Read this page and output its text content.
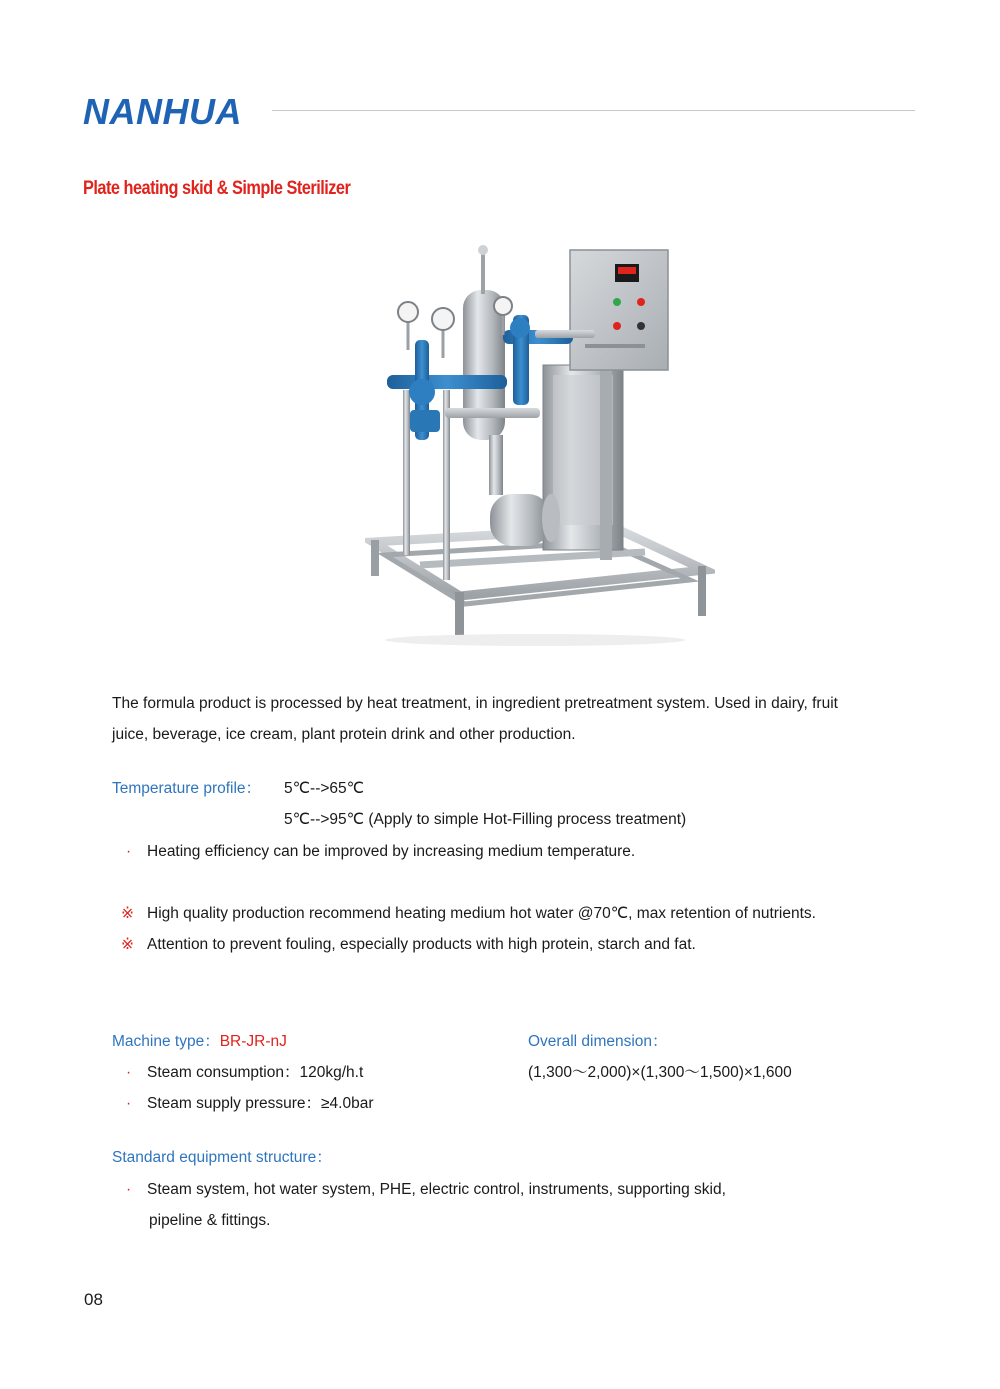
NANHUA
Plate heating skid & Simple Sterilizer
The formula product is processed by heat treatment, in ingredient pretreatment system. Used in dairy, fruit
juice, beverage, ice cream, plant protein drink and other production.
Temperature profile： 5℃-->65℃
5℃-->95℃ (Apply to simple Hot-Filling process treatment)
· Heating efficiency can be improved by increasing medium temperature.
※ High quality production recommend heating medium hot water @70℃, max retention of nutrients.
※ Attention to prevent fouling, especially products with high protein, starch and fat.
Machine type：BR-JR-nJ
· Steam consumption：120kg/h.t
· Steam supply pressure：≥4.0bar
Overall dimension：
(1,300～2,000)×(1,300～1,500)×1,600
Standard equipment structure：
· Steam system, hot water system, PHE, electric control, instruments, supporting skid,
pipeline & fittings.
08
